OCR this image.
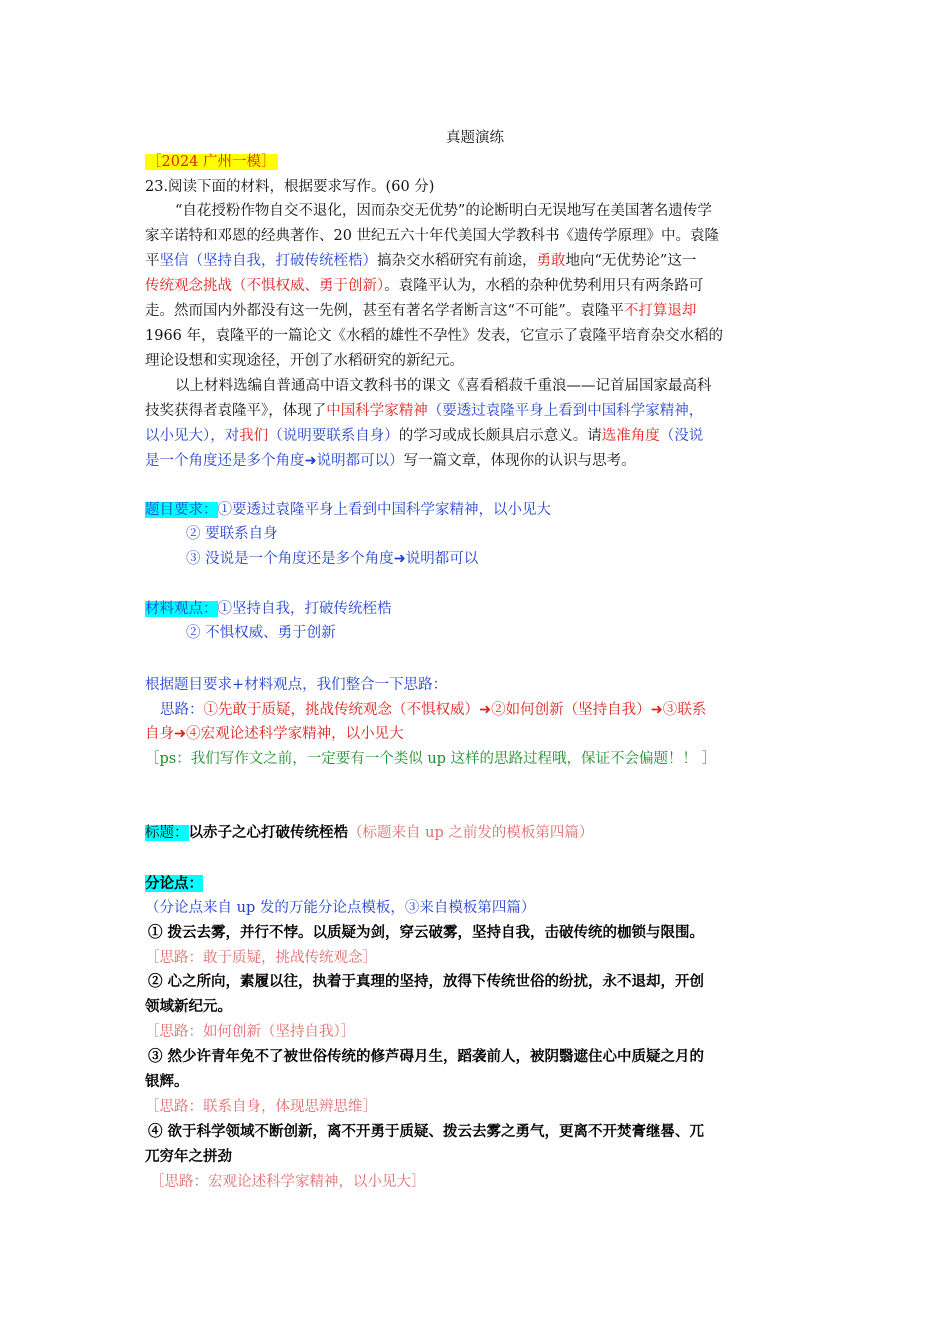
真题演练
［2024 广州一模］
23.阅读下面的材料，根据要求写作。(60 分)
“自花授粉作物自交不退化，因而杂交无优势”的论断明白无误地写在美国著名遗传学
家辛诺特和邓恩的经典著作、20 世纪五六十年代美国大学教科书《遗传学原理》中。袁隆
平坚信（坚持自我，打破传统桎梏）搞杂交水稻研究有前途，勇敢地向“无优势论”这一
传统观念挑战（不惧权威、勇于创新）。袁隆平认为，水稻的杂种优势利用只有两条路可
走。然而国内外都没有这一先例，甚至有著名学者断言这“不可能”。袁隆平不打算退却
1966 年，袁隆平的一篇论文《水稻的雄性不孕性》发表，它宣示了袁隆平培育杂交水稻的
理论设想和实现途径，开创了水稻研究的新纪元。
以上材料选编自普通高中语文教科书的课文《喜看稻菽千重浪——记首届国家最高科
技奖获得者袁隆平》，体现了中国科学家精神（要透过袁隆平身上看到中国科学家精神，
以小见大），对我们（说明要联系自身）的学习或成长颇具启示意义。请选准角度（没说
是一个角度还是多个角度➜说明都可以）写一篇文章，体现你的认识与思考。
题目要求：①要透过袁隆平身上看到中国科学家精神，以小见大
② 要联系自身
③ 没说是一个角度还是多个角度➜说明都可以
材料观点：①坚持自我，打破传统桎梏
② 不惧权威、勇于创新
根据题目要求+材料观点，我们整合一下思路：
思路：①先敢于质疑，挑战传统观念（不惧权威）➜②如何创新（坚持自我）➜③联系
自身➜④宏观论述科学家精神，以小见大
［ps：我们写作文之前，一定要有一个类似 up 这样的思路过程哦，保证不会偏题！！ ］
标题：以赤子之心打破传统桎梏（标题来自 up 之前发的模板第四篇）
分论点：
（分论点来自 up 发的万能分论点模板，③来自模板第四篇）
① 拨云去雾，并行不悖。以质疑为剑，穿云破雾，坚持自我，击破传统的枷锁与限围。
［思路：敢于质疑，挑战传统观念］
② 心之所向，素履以往，执着于真理的坚持，放得下传统世俗的纷扰，永不退却，开创
领域新纪元。
［思路：如何创新（坚持自我）］
③ 然少许青年免不了被世俗传统的修芦碍月生，蹈袭前人，被阴翳遮住心中质疑之月的
银辉。
［思路：联系自身，体现思辨思维］
④ 欲于科学领域不断创新，离不开勇于质疑、拨云去雾之勇气，更离不开焚膏继晷、兀
兀穷年之拼劲
［思路：宏观论述科学家精神，以小见大］
